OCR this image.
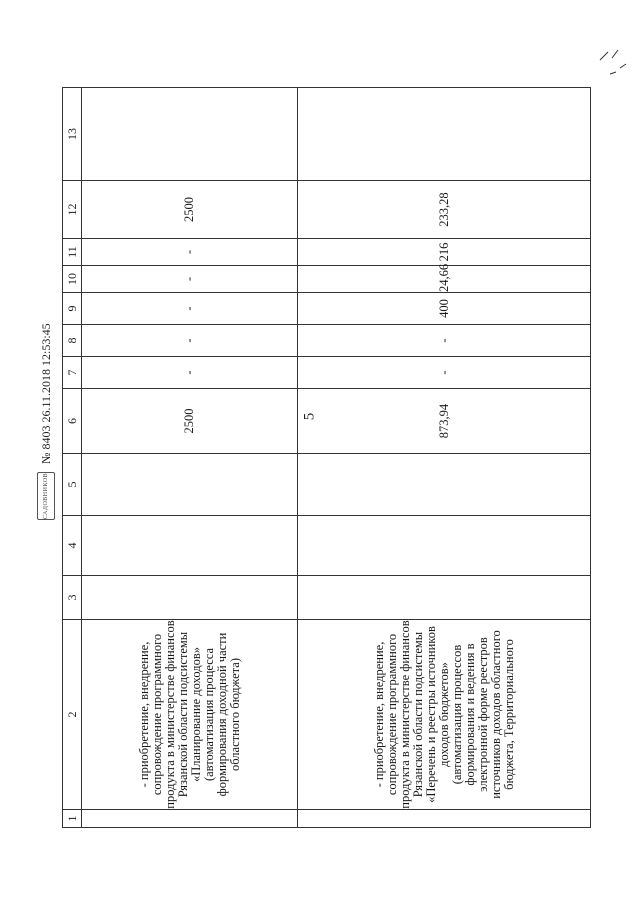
5
1	2	3	4	5	6	7	8	9	10	11	12	13
	- приобретение, внедрение, сопровождение программного продукта в министерстве финансов Рязанской области подсистемы «Планирование доходов» (автоматизация процесса формирования доходной части областного бюджета)				2500	-	-	-	-	-	2500	
	- приобретение, внедрение, сопровождение программного продукта в министерстве финансов Рязанской области подсистемы «Перечень и реестры источников доходов бюджетов» (автоматизация процессов формирования и ведения в электронной форме реестров источников доходов областного бюджета, Территориального				873,94	-	-	400	24,66	216	233,28	
САДОВНИКОВ
№ 8403 26.11.2018 12:53:45
